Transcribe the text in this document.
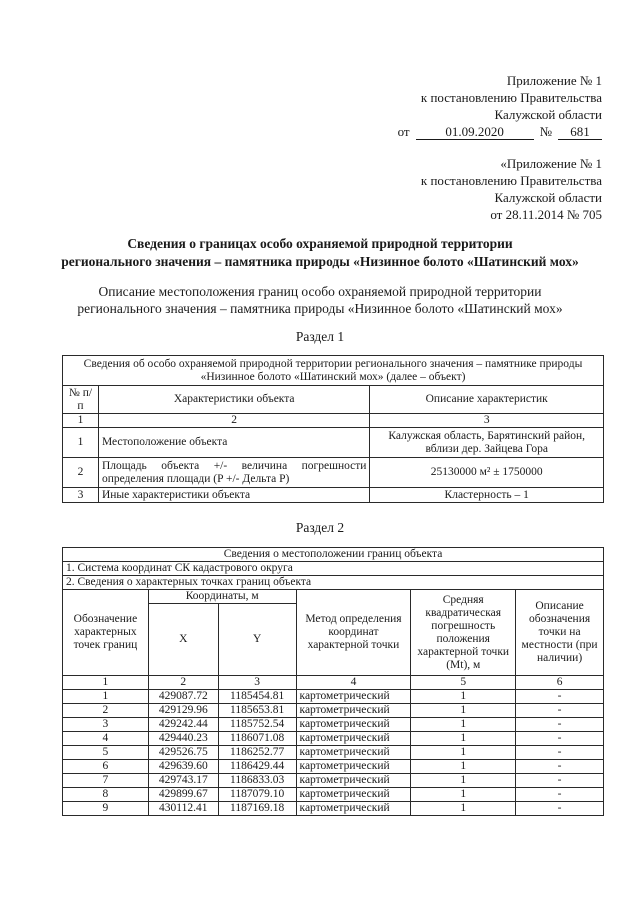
Приложение № 1
к постановлению Правительства
Калужской области
от	01.09.2020	№	681
«Приложение № 1
к постановлению Правительства
Калужской области
от 28.11.2014 № 705
Сведения о границах особо охраняемой природной территории
регионального значения – памятника природы «Низинное болото «Шатинский мох»
Описание местоположения границ особо охраняемой природной территории
регионального значения – памятника природы «Низинное болото «Шатинский мох»
Раздел 1
Сведения об особо охраняемой природной территории регионального значения – памятнике природы «Низинное болото «Шатинский мох» (далее – объект)		
№ п/п	Характеристики объекта	Описание характеристик
1	2	3
1	Местоположение объекта	Калужская область, Барятинский район, вблизи дер. Зайцева Гора
2	Площадь объекта +/- величина погрешности определения площади (P +/- Дельта P)	25130000 м² ± 1750000
3	Иные характеристики объекта	Кластерность – 1
Раздел 2
Сведения о местоположении границ объекта					
1. Система координат СК кадастрового округа					
2. Сведения о характерных точках границ объекта					
Обозначение характерных точек границ	Координаты, м		Метод определения координат характерной точки	Средняя квадратическая погрешность положения характерной точки (Mt), м	Описание обозначения точки на местности (при наличии)
	X	Y			
1	2	3	4	5	6
1	429087.72	1185454.81	картометрический	1	-
2	429129.96	1185653.81	картометрический	1	-
3	429242.44	1185752.54	картометрический	1	-
4	429440.23	1186071.08	картометрический	1	-
5	429526.75	1186252.77	картометрический	1	-
6	429639.60	1186429.44	картометрический	1	-
7	429743.17	1186833.03	картометрический	1	-
8	429899.67	1187079.10	картометрический	1	-
9	430112.41	1187169.18	картометрический	1	-
